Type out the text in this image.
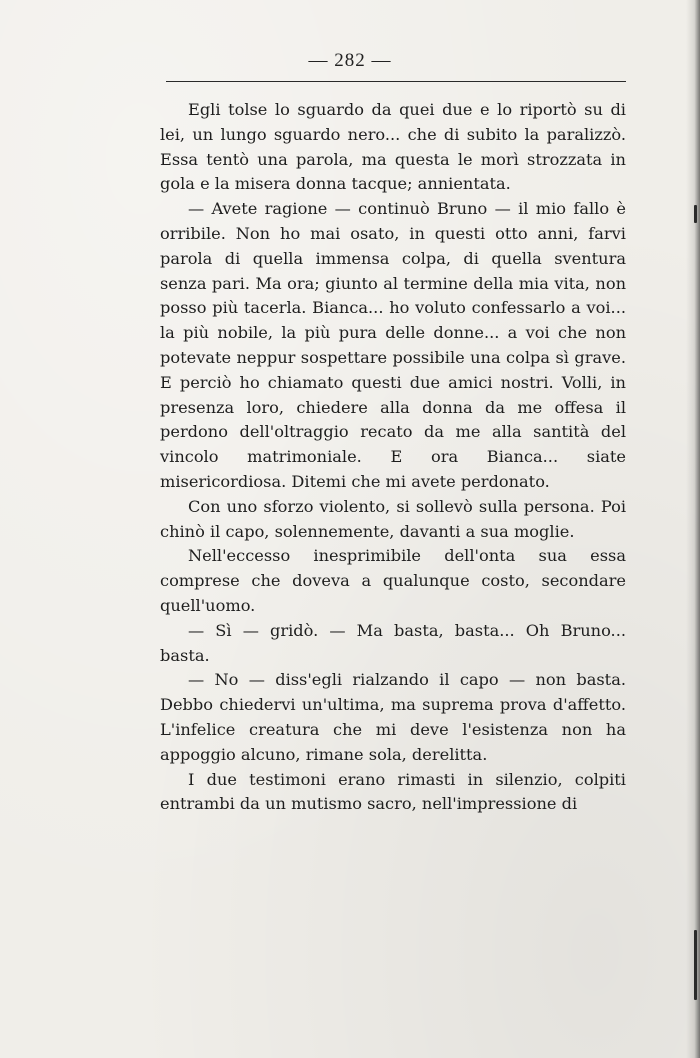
— 282 —

Egli tolse lo sguardo da quei due e lo riportò su di lei, un lungo sguardo nero... che di subito la paralizzò. Essa tentò una parola, ma questa le morì strozzata in gola e la misera donna tacque; annientata.

— Avete ragione — continuò Bruno — il mio fallo è orribile. Non ho mai osato, in questi otto anni, farvi parola di quella immensa colpa, di quella sventura senza pari. Ma ora; giunto al termine della mia vita, non posso più tacerla. Bianca... ho voluto confessarlo a voi... la più nobile, la più pura delle donne... a voi che non potevate neppur sospettare possibile una colpa sì grave. E perciò ho chiamato questi due amici nostri. Volli, in presenza loro, chiedere alla donna da me offesa il perdono dell'oltraggio recato da me alla santità del vincolo matrimoniale. E ora Bianca... siate misericordiosa. Ditemi che mi avete perdonato.

Con uno sforzo violento, si sollevò sulla persona. Poi chinò il capo, solennemente, davanti a sua moglie.

Nell'eccesso inesprimibile dell'onta sua essa comprese che doveva a qualunque costo, secondare quell'uomo.

— Sì — gridò. — Ma basta, basta... Oh Bruno... basta.

— No — diss'egli rialzando il capo — non basta. Debbo chiedervi un'ultima, ma suprema prova d'affetto. L'infelice creatura che mi deve l'esistenza non ha appoggio alcuno, rimane sola, derelitta.

I due testimoni erano rimasti in silenzio, colpiti entrambi da un mutismo sacro, nell'impressione di
